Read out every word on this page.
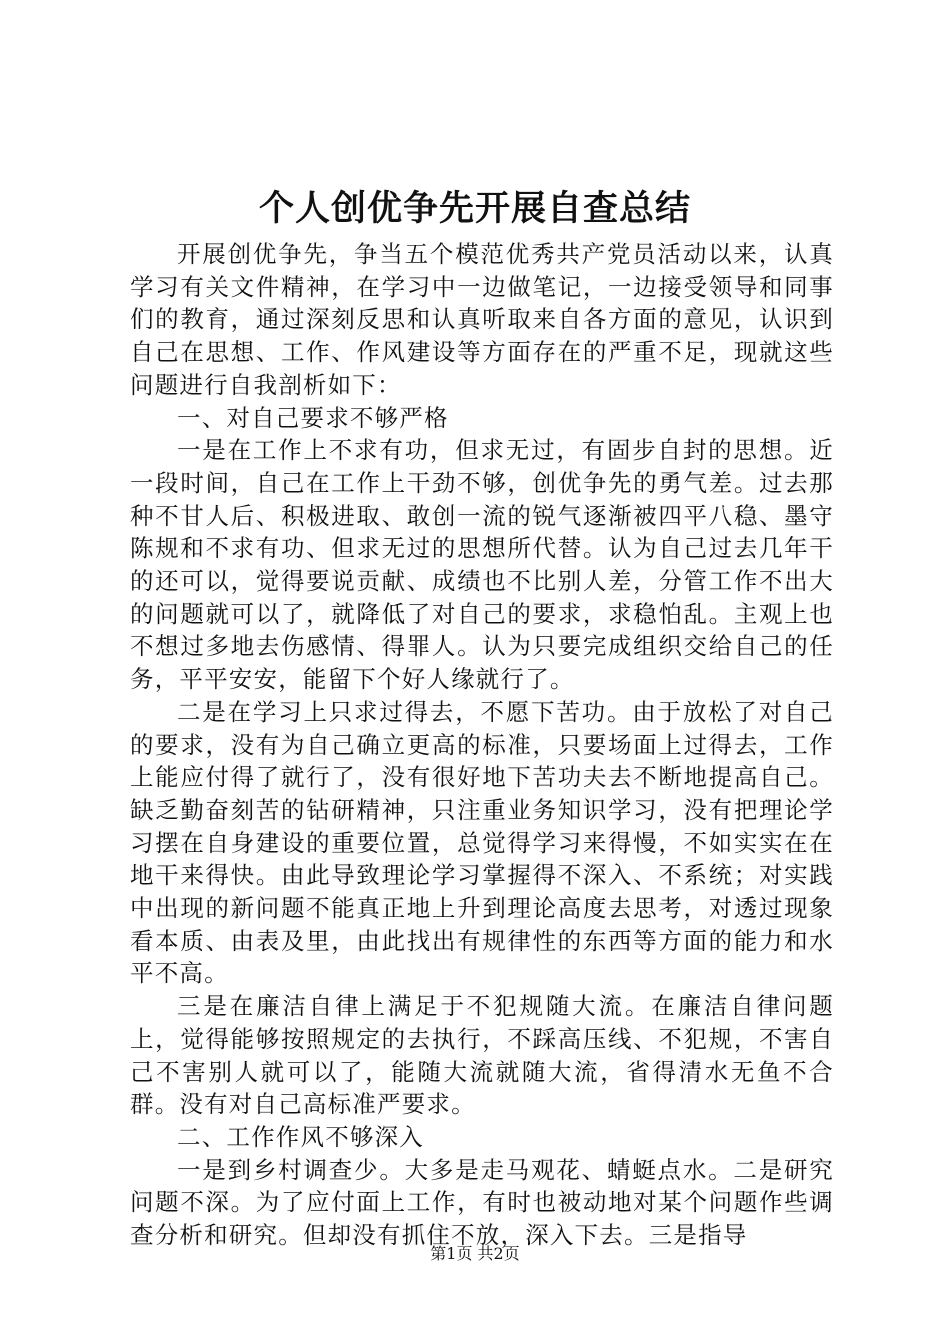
个人创优争先开展自查总结

开展创优争先，争当五个模范优秀共产党员活动以来，认真学习有关文件精神，在学习中一边做笔记，一边接受领导和同事们的教育，通过深刻反思和认真听取来自各方面的意见，认识到自己在思想、工作、作风建设等方面存在的严重不足，现就这些问题进行自我剖析如下：

一、对自己要求不够严格

一是在工作上不求有功，但求无过，有固步自封的思想。近一段时间，自己在工作上干劲不够，创优争先的勇气差。过去那种不甘人后、积极进取、敢创一流的锐气逐渐被四平八稳、墨守陈规和不求有功、但求无过的思想所代替。认为自己过去几年干的还可以，觉得要说贡献、成绩也不比别人差，分管工作不出大的问题就可以了，就降低了对自己的要求，求稳怕乱。主观上也不想过多地去伤感情、得罪人。认为只要完成组织交给自己的任务，平平安安，能留下个好人缘就行了。

二是在学习上只求过得去，不愿下苦功。由于放松了对自己的要求，没有为自己确立更高的标准，只要场面上过得去，工作上能应付得了就行了，没有很好地下苦功夫去不断地提高自己。缺乏勤奋刻苦的钻研精神，只注重业务知识学习，没有把理论学习摆在自身建设的重要位置，总觉得学习来得慢，不如实实在在地干来得快。由此导致理论学习掌握得不深入、不系统；对实践中出现的新问题不能真正地上升到理论高度去思考，对透过现象看本质、由表及里，由此找出有规律性的东西等方面的能力和水平不高。

三是在廉洁自律上满足于不犯规随大流。在廉洁自律问题上，觉得能够按照规定的去执行，不踩高压线、不犯规，不害自己不害别人就可以了，能随大流就随大流，省得清水无鱼不合群。没有对自己高标准严要求。

二、工作作风不够深入

一是到乡村调查少。大多是走马观花、蜻蜓点水。二是研究问题不深。为了应付面上工作，有时也被动地对某个问题作些调查分析和研究。但却没有抓住不放，深入下去。三是指导

第1页 共2页
